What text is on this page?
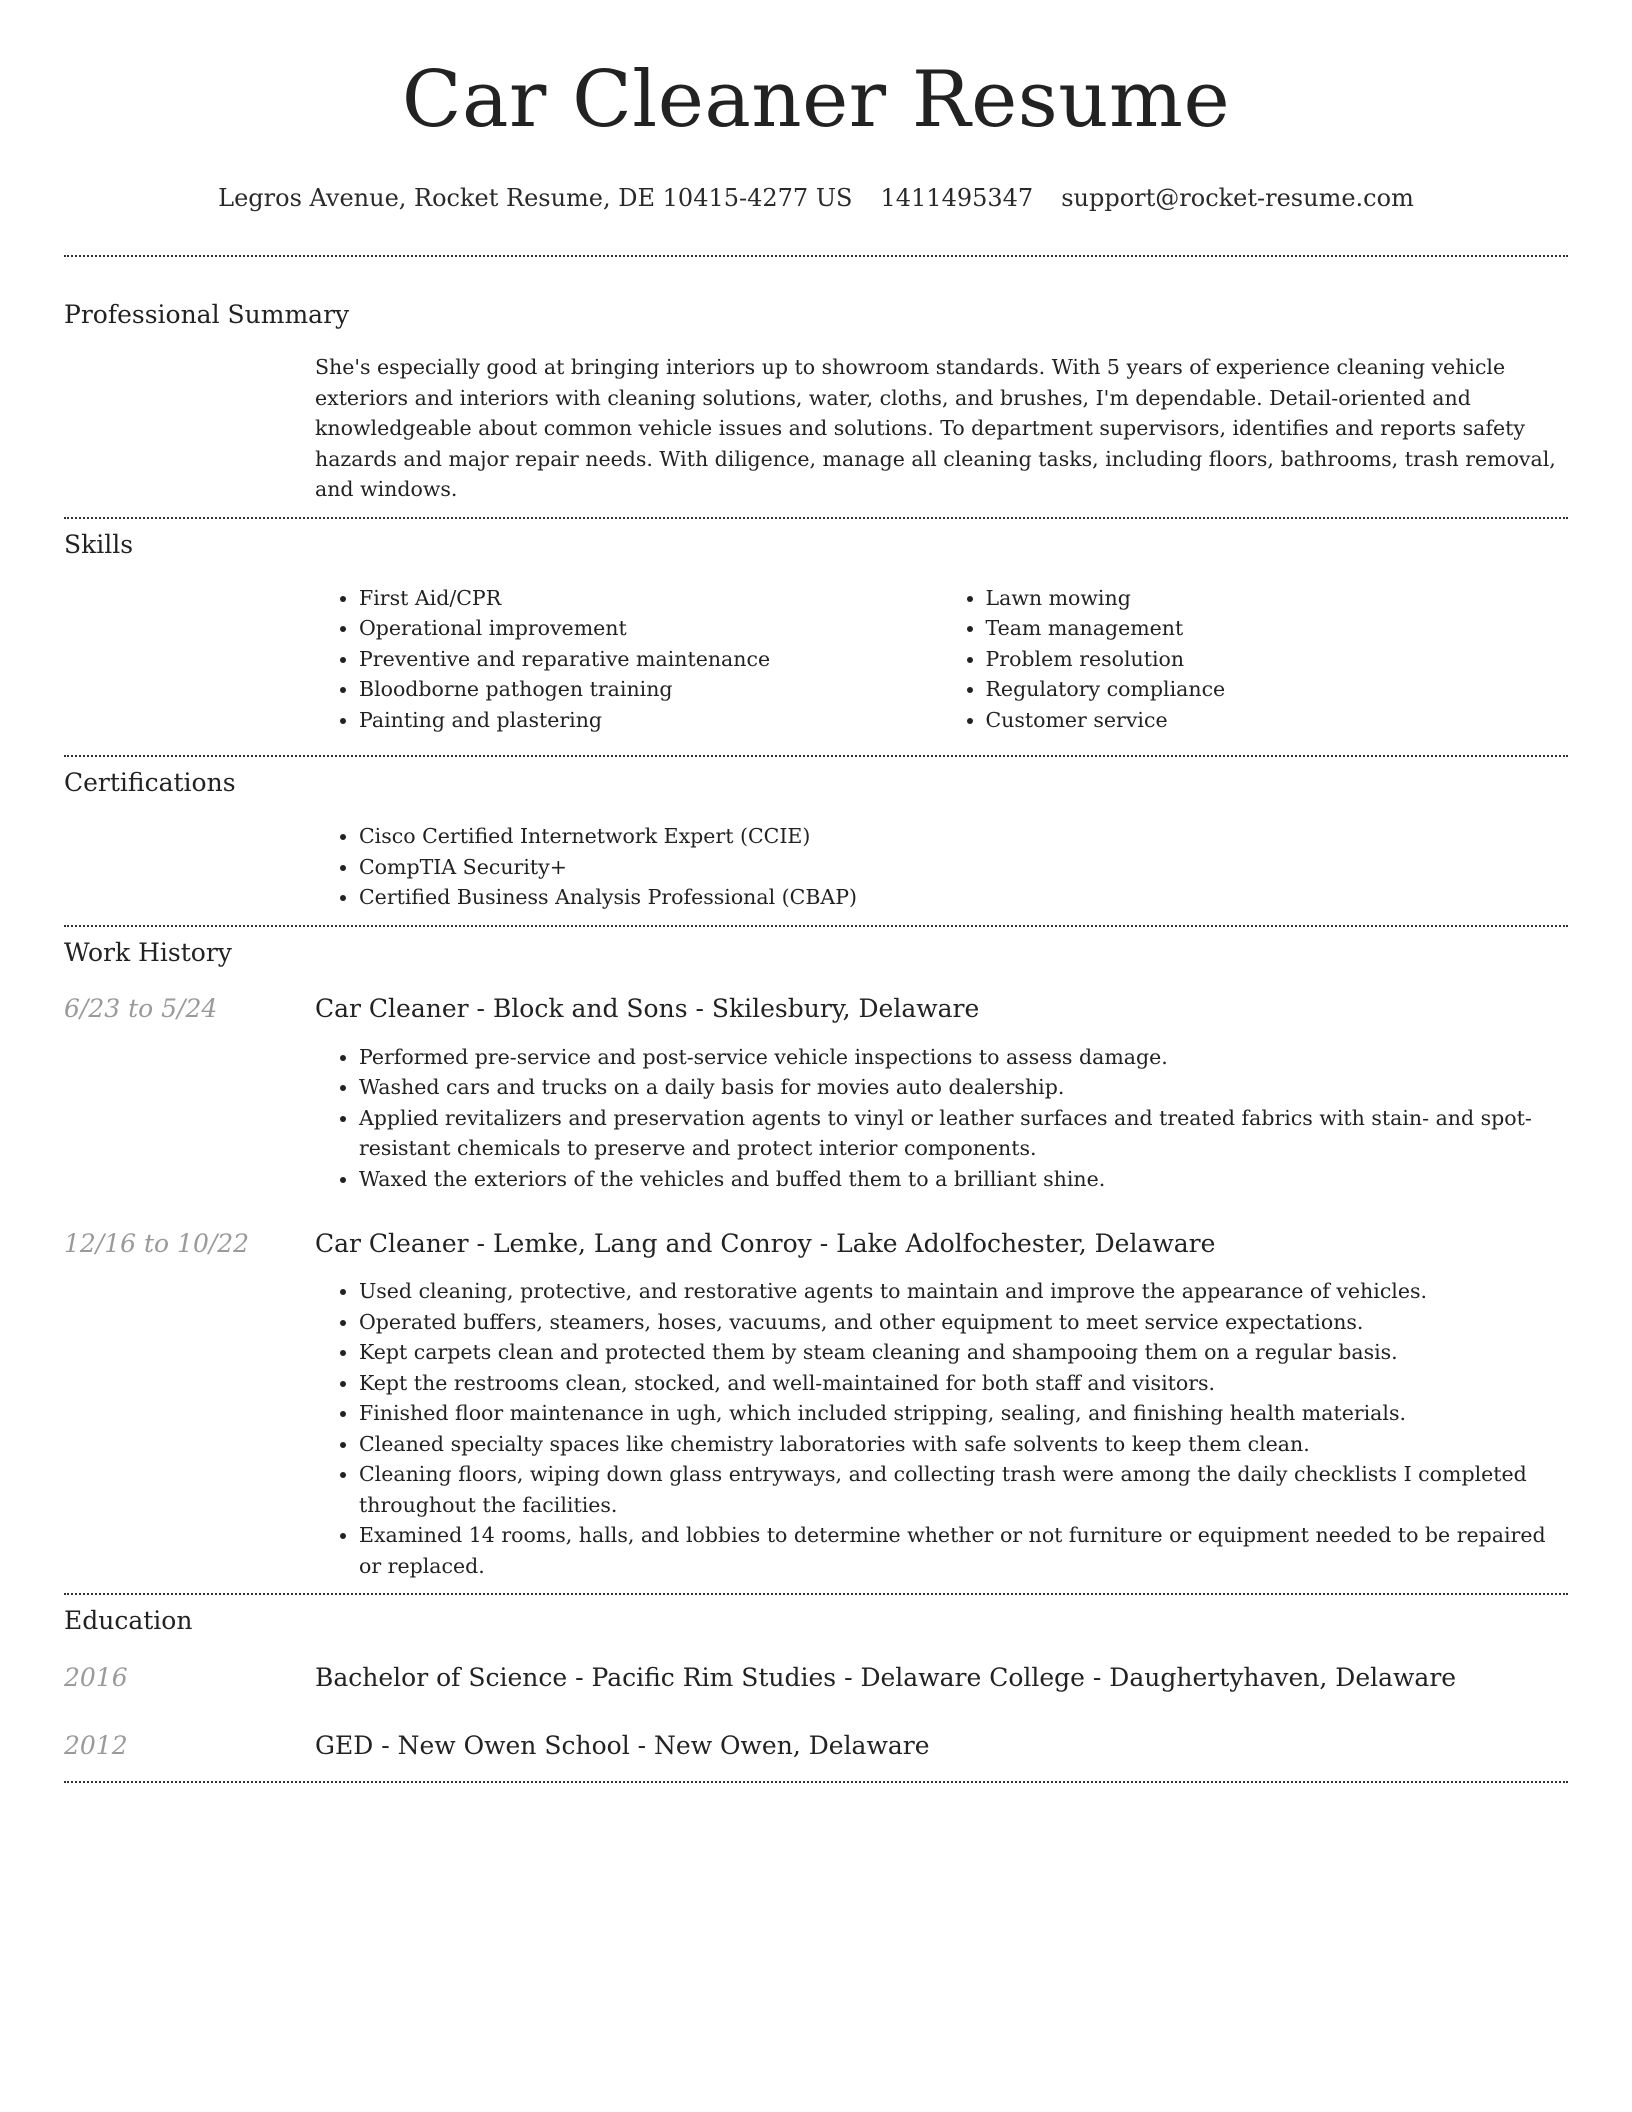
Car Cleaner Resume
Legros Avenue, Rocket Resume, DE 10415-4277 US 1411495347 support@rocket-resume.com
Professional Summary

She's especially good at bringing interiors up to showroom standards. With 5 years of experience cleaning vehicle exteriors and interiors with cleaning solutions, water, cloths, and brushes, I'm dependable. Detail-oriented and knowledgeable about common vehicle issues and solutions. To department supervisors, identifies and reports safety hazards and major repair needs. With diligence, manage all cleaning tasks, including floors, bathrooms, trash removal, and windows.

Skills
• First Aid/CPR
• Operational improvement
• Preventive and reparative maintenance
• Bloodborne pathogen training
• Painting and plastering
• Lawn mowing
• Team management
• Problem resolution
• Regulatory compliance
• Customer service
Certifications
• Cisco Certified Internetwork Expert (CCIE)
• CompTIA Security+
• Certified Business Analysis Professional (CBAP)
Work History
6/23 to 5/24	Car Cleaner - Block and Sons - Skilesbury, Delaware
• Performed pre-service and post-service vehicle inspections to assess damage.
• Washed cars and trucks on a daily basis for movies auto dealership.
• Applied revitalizers and preservation agents to vinyl or leather surfaces and treated fabrics with stain- and spot-resistant chemicals to preserve and protect interior components.
• Waxed the exteriors of the vehicles and buffed them to a brilliant shine.
12/16 to 10/22	Car Cleaner - Lemke, Lang and Conroy - Lake Adolfochester, Delaware
• Used cleaning, protective, and restorative agents to maintain and improve the appearance of vehicles.
• Operated buffers, steamers, hoses, vacuums, and other equipment to meet service expectations.
• Kept carpets clean and protected them by steam cleaning and shampooing them on a regular basis.
• Kept the restrooms clean, stocked, and well-maintained for both staff and visitors.
• Finished floor maintenance in ugh, which included stripping, sealing, and finishing health materials.
• Cleaned specialty spaces like chemistry laboratories with safe solvents to keep them clean.
• Cleaning floors, wiping down glass entryways, and collecting trash were among the daily checklists I completed throughout the facilities.
• Examined 14 rooms, halls, and lobbies to determine whether or not furniture or equipment needed to be repaired or replaced.
Education
2016	Bachelor of Science - Pacific Rim Studies - Delaware College - Daughertyhaven, Delaware
2012	GED - New Owen School - New Owen, Delaware
